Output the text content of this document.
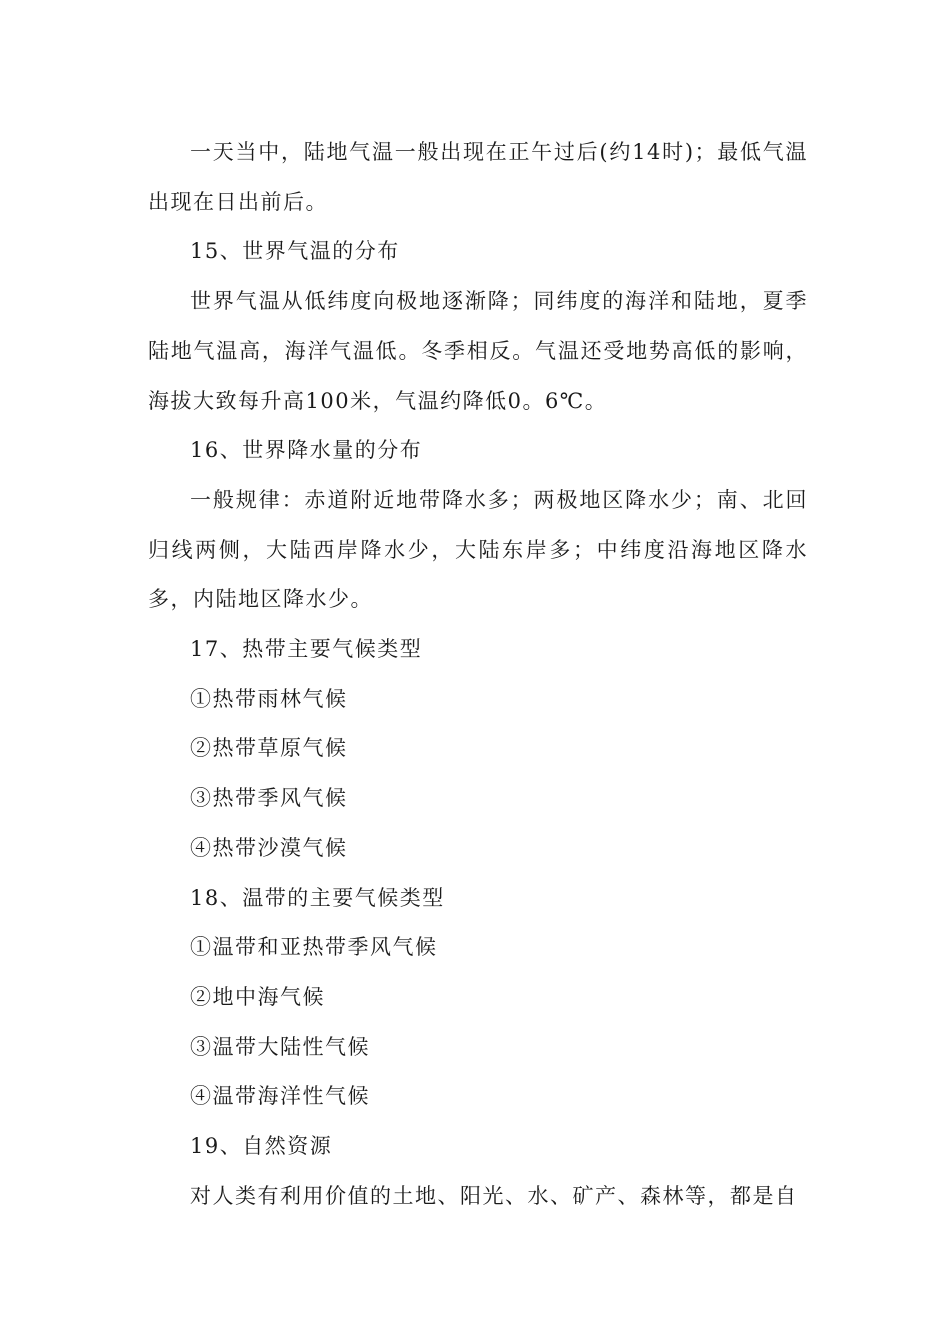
一天当中，陆地气温一般出现在正午过后(约14时)；最低气温出现在日出前后。

15、世界气温的分布

世界气温从低纬度向极地逐渐降；同纬度的海洋和陆地，夏季陆地气温高，海洋气温低。冬季相反。气温还受地势高低的影响，海拔大致每升高100米，气温约降低0。6℃。

16、世界降水量的分布

一般规律：赤道附近地带降水多；两极地区降水少；南、北回归线两侧，大陆西岸降水少，大陆东岸多；中纬度沿海地区降水多，内陆地区降水少。

17、热带主要气候类型

①热带雨林气候

②热带草原气候

③热带季风气候

④热带沙漠气候

18、温带的主要气候类型

①温带和亚热带季风气候

②地中海气候

③温带大陆性气候

④温带海洋性气候

19、自然资源

对人类有利用价值的土地、阳光、水、矿产、森林等，都是自
